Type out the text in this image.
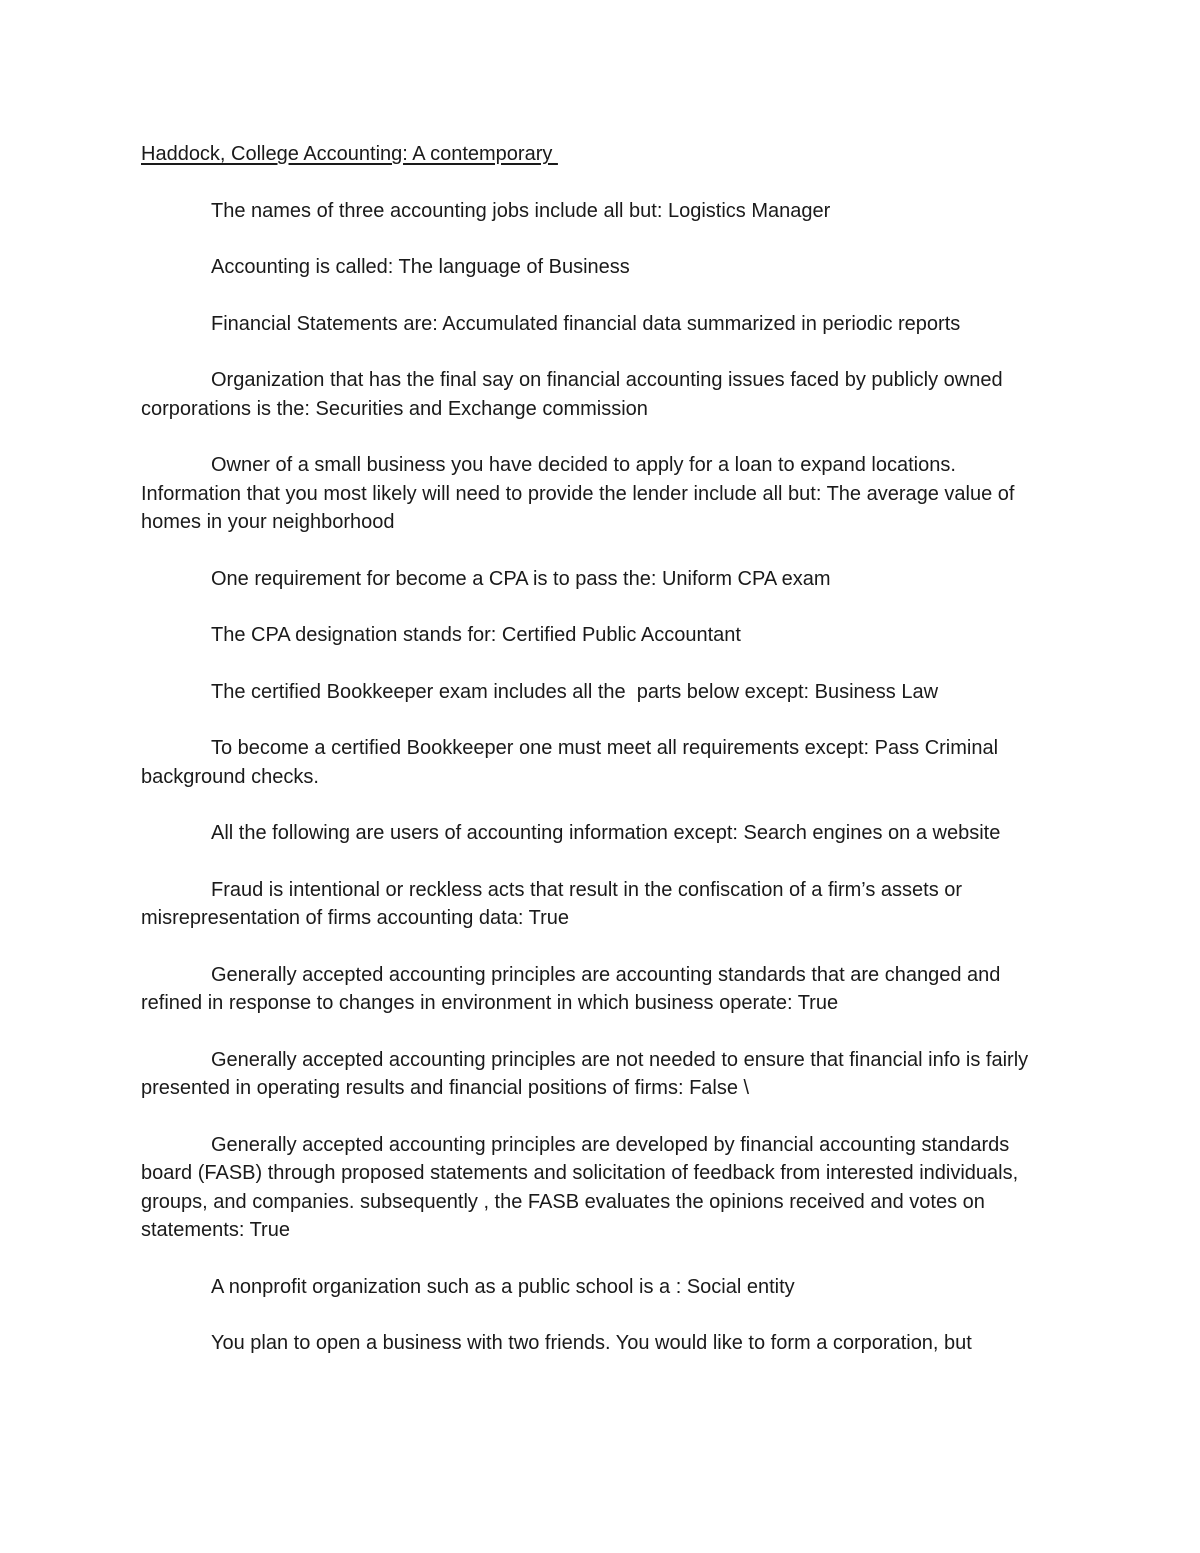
Haddock, College Accounting: A contemporary
The names of three accounting jobs include all but: Logistics Manager
Accounting is called: The language of Business
Financial Statements are: Accumulated financial data summarized in periodic reports
Organization that has the final say on financial accounting issues faced by publicly owned corporations is the: Securities and Exchange commission
Owner of a small business you have decided to apply for a loan to expand locations. Information that you most likely will need to provide the lender include all but: The average value of homes in your neighborhood
One requirement for become a CPA is to pass the: Uniform CPA exam
The CPA designation stands for: Certified Public Accountant
The certified Bookkeeper exam includes all the  parts below except: Business Law
To become a certified Bookkeeper one must meet all requirements except: Pass Criminal background checks.
All the following are users of accounting information except: Search engines on a website
Fraud is intentional or reckless acts that result in the confiscation of a firm’s assets or misrepresentation of firms accounting data: True
Generally accepted accounting principles are accounting standards that are changed and refined in response to changes in environment in which business operate: True
Generally accepted accounting principles are not needed to ensure that financial info is fairly presented in operating results and financial positions of firms: False \
Generally accepted accounting principles are developed by financial accounting standards board (FASB) through proposed statements and solicitation of feedback from interested individuals, groups, and companies. subsequently , the FASB evaluates the opinions received and votes on statements: True
A nonprofit organization such as a public school is a : Social entity
You plan to open a business with two friends. You would like to form a corporation, but
